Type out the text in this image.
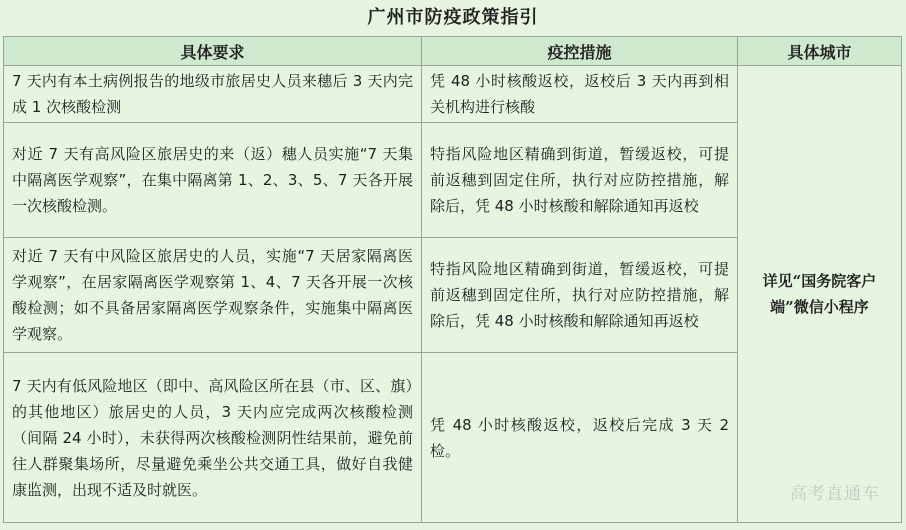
广州市防疫政策指引
具体要求	疫控措施	具体城市
7 天内有本土病例报告的地级市旅居史人员来穗后 3 天内完成 1 次核酸检测	凭 48 小时核酸返校，返校后 3 天内再到相关机构进行核酸	详见“国务院客户端”微信小程序
对近 7 天有高风险区旅居史的来（返）穗人员实施“7 天集中隔离医学观察”，在集中隔离第 1、2、3、5、7 天各开展一次核酸检测。	特指风险地区精确到街道，暂缓返校，可提前返穗到固定住所，执行对应防控措施，解除后，凭 48 小时核酸和解除通知再返校	
对近 7 天有中风险区旅居史的人员，实施“7 天居家隔离医学观察”，在居家隔离医学观察第 1、4、7 天各开展一次核酸检测；如不具备居家隔离医学观察条件，实施集中隔离医学观察。	特指风险地区精确到街道，暂缓返校，可提前返穗到固定住所，执行对应防控措施，解除后，凭 48 小时核酸和解除通知再返校	
7 天内有低风险地区（即中、高风险区所在县（市、区、旗）的其他地区）旅居史的人员，3 天内应完成两次核酸检测（间隔 24 小时），未获得两次核酸检测阴性结果前，避免前往人群聚集场所，尽量避免乘坐公共交通工具，做好自我健康监测，出现不适及时就医。	凭 48 小时核酸返校，返校后完成 3 天 2 检。	
高考直通车
